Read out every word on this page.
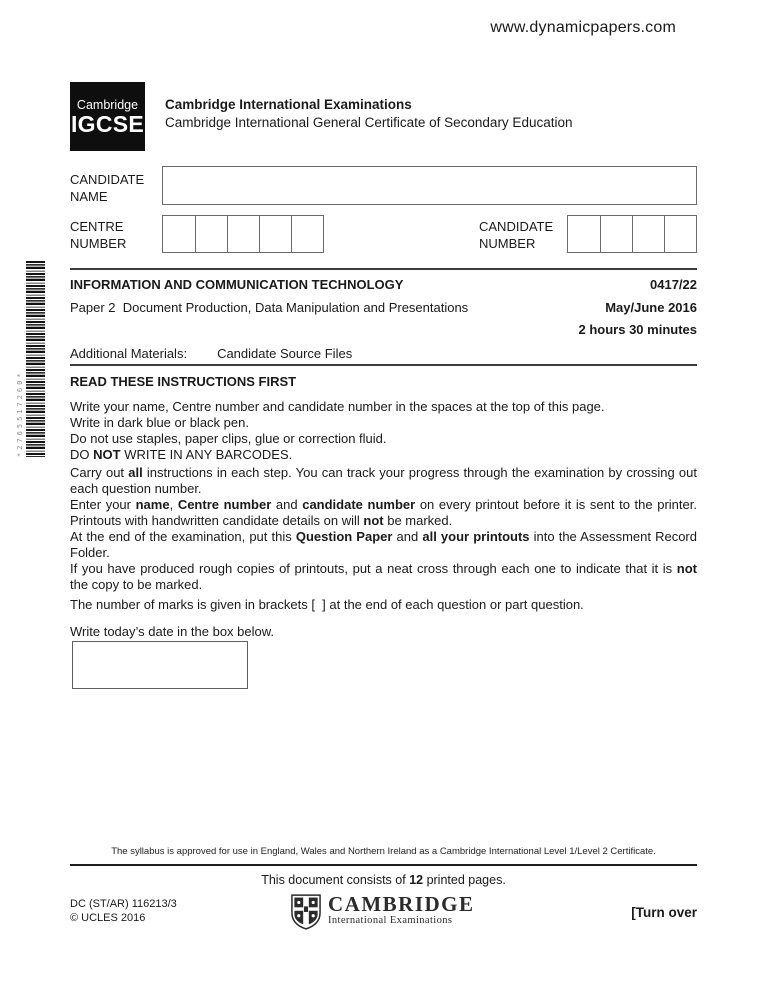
www.dynamicpapers.com
Cambridge
IGCSE
Cambridge International Examinations
Cambridge International General Certificate of Secondary Education
CANDIDATE
NAME
CENTRE
NUMBER
CANDIDATE
NUMBER
INFORMATION AND COMMUNICATION TECHNOLOGY	0417/22
Paper 2  Document Production, Data Manipulation and Presentations	May/June 2016
2 hours 30 minutes
Additional Materials: Candidate Source Files
READ THESE INSTRUCTIONS FIRST

Write your name, Centre number and candidate number in the spaces at the top of this page.

Write in dark blue or black pen.

Do not use staples, paper clips, glue or correction fluid.

DO NOT WRITE IN ANY BARCODES.

Carry out all instructions in each step. You can track your progress through the examination by crossing out each question number.

Enter your name, Centre number and candidate number on every printout before it is sent to the printer. Printouts with handwritten candidate details on will not be marked.

At the end of the examination, put this Question Paper and all your printouts into the Assessment Record Folder.

If you have produced rough copies of printouts, put a neat cross through each one to indicate that it is not the copy to be marked.

The number of marks is given in brackets [  ] at the end of each question or part question.
Write today’s date in the box below.
*2765517260*
The syllabus is approved for use in England, Wales and Northern Ireland as a Cambridge International Level 1/Level 2 Certificate.
This document consists of 12 printed pages.
DC (ST/AR) 116213/3
© UCLES 2016
CAMBRIDGE
International Examinations
[Turn over
